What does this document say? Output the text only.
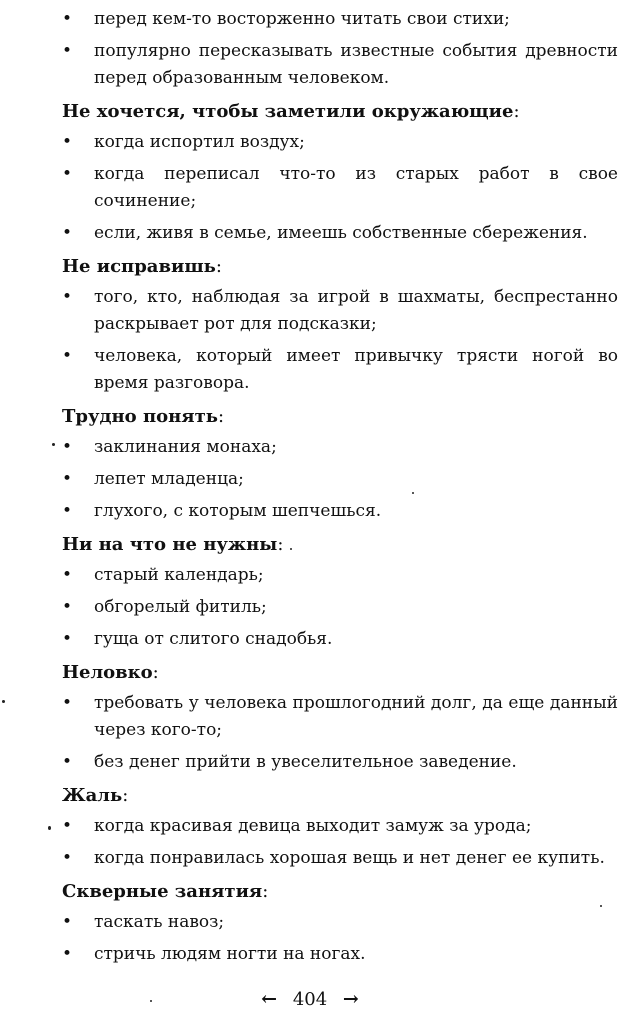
• перед кем-то восторженно читать свои стихи;
• популярно пересказывать известные события древности перед образованным человеком.
Не хочется, чтобы заметили окружающие:
• когда испортил воздух;
• когда переписал что-то из старых работ в свое сочинение;
• если, живя в семье, имеешь собственные сбережения.
Не исправишь:
• того, кто, наблюдая за игрой в шахматы, беспрестанно раскрывает рот для подсказки;
• человека, который имеет привычку трясти ногой во время разговора.
Трудно понять:
• заклинания монаха;
• лепет младенца;
• глухого, с которым шепчешься.
Ни на что не нужны:
• старый календарь;
• обгорелый фитиль;
• гуща от слитого снадобья.
Неловко:
• требовать у человека прошлогодний долг, да еще данный через кого-то;
• без денег прийти в увеселительное заведение.
Жаль:
• когда красивая девица выходит замуж за урода;
• когда понравилась хорошая вещь и нет денег ее купить.
Скверные занятия:
• таскать навоз;
• стричь людям ногти на ногах.
← 404 →
